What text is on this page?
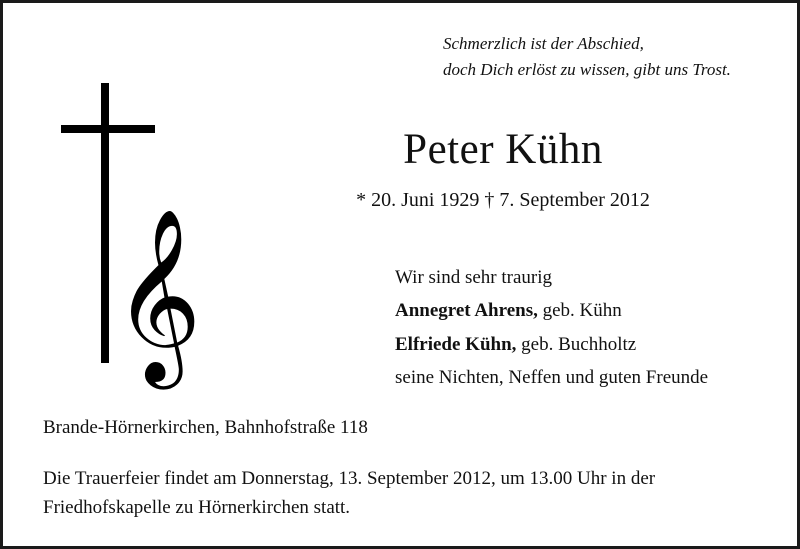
Schmerzlich ist der Abschied,
doch Dich erlöst zu wissen, gibt uns Trost.
𝄞
Peter Kühn
* 20. Juni 1929 † 7. September 2012
Wir sind sehr traurig
Annegret Ahrens, geb. Kühn
Elfriede Kühn, geb. Buchholtz
seine Nichten, Neffen und guten Freunde
Brande-Hörnerkirchen, Bahnhofstraße 118
Die Trauerfeier findet am Donnerstag, 13. September 2012, um 13.00 Uhr in der
Friedhofskapelle zu Hörnerkirchen statt.
